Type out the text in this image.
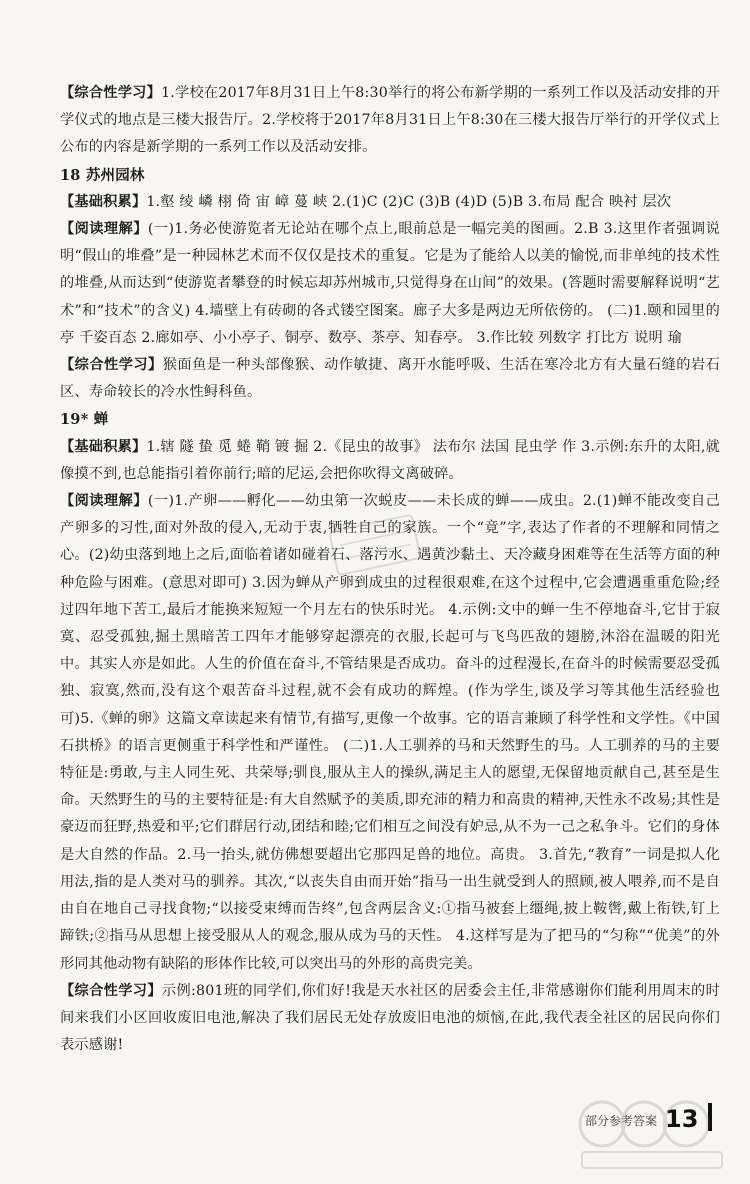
【综合性学习】1.学校在2017年8月31日上午8:30举行的将公布新学期的一系列工作以及活动安排的开学仪式的地点是三楼大报告厅。2.学校将于2017年8月31日上午8:30在三楼大报告厅举行的开学仪式上公布的内容是新学期的一系列工作以及活动安排。

18 苏州园林

【基础积累】1.壑 绫 嶙 栩 倚 宙 嶂 蔓 峡 2.(1)C (2)C (3)B (4)D (5)B 3.布局 配合 映衬 层次

【阅读理解】(一)1.务必使游览者无论站在哪个点上,眼前总是一幅完美的图画。2.B 3.这里作者强调说明“假山的堆叠”是一种园林艺术而不仅仅是技术的重复。它是为了能给人以美的愉悦,而非单纯的技术性的堆叠,从而达到“使游览者攀登的时候忘却苏州城市,只觉得身在山间”的效果。(答题时需要解释说明“艺术”和“技术”的含义) 4.墙壁上有砖砌的各式镂空图案。廊子大多是两边无所依傍的。 (二)1.颐和园里的亭 千姿百态 2.廊如亭、小小亭子、铜亭、数亭、茶亭、知春亭。 3.作比较 列数字 打比方 说明 瑜

【综合性学习】猴面鱼是一种头部像猴、动作敏捷、离开水能呼吸、生活在寒冷北方有大量石缝的岩石区、寿命较长的冷水性鲟科鱼。

19* 蝉

【基础积累】1.辖 隧 蛰 觅 蜷 鞘 镀 掘 2.《昆虫的故事》 法布尔 法国 昆虫学 作 3.示例:东升的太阳,就像摸不到,也总能指引着你前行;暗的尼运,会把你吹得文离破碎。

【阅读理解】(一)1.产卵——孵化——幼虫第一次蜕皮——未长成的蝉——成虫。2.(1)蝉不能改变自己产卵多的习性,面对外敌的侵入,无动于衷,牺牲自己的家族。一个“竟”字,表达了作者的不理解和同情之心。(2)幼虫落到地上之后,面临着诸如碰着石、落污水、遇黄沙黏土、天冷藏身困难等在生活等方面的种种危险与困难。(意思对即可) 3.因为蝉从产卵到成虫的过程很艰难,在这个过程中,它会遭遇重重危险;经过四年地下苦工,最后才能换来短短一个月左右的快乐时光。 4.示例:文中的蝉一生不停地奋斗,它甘于寂寞、忍受孤独,掘土黑暗苦工四年才能够穿起漂亮的衣服,长起可与飞鸟匹敌的翅膀,沐浴在温暖的阳光中。其实人亦是如此。人生的价值在奋斗,不管结果是否成功。奋斗的过程漫长,在奋斗的时候需要忍受孤独、寂寞,然而,没有这个艰苦奋斗过程,就不会有成功的辉煌。(作为学生,谈及学习等其他生活经验也可)5.《蝉的卵》这篇文章读起来有情节,有描写,更像一个故事。它的语言兼顾了科学性和文学性。《中国石拱桥》的语言更侧重于科学性和严谨性。 (二)1.人工驯养的马和天然野生的马。人工驯养的马的主要特征是:勇敢,与主人同生死、共荣辱;驯良,服从主人的操纵,满足主人的愿望,无保留地贡献自己,甚至是生命。天然野生的马的主要特征是:有大自然赋予的美质,即充沛的精力和高贵的精神,天性永不改易;其性是豪迈而狂野,热爱和平;它们群居行动,团结和睦;它们相互之间没有妒忌,从不为一己之私争斗。它们的身体是大自然的作品。2.马一抬头,就仿佛想要超出它那四足兽的地位。高贵。 3.首先,“教育”一词是拟人化用法,指的是人类对马的驯养。其次,“以丧失自由而开始”指马一出生就受到人的照顾,被人喂养,而不是自由自在地自己寻找食物;“以接受束缚而告终”,包含两层含义:①指马被套上缰绳,披上鞍辔,戴上衔铁,钉上蹄铁;②指马从思想上接受服从人的观念,服从成为马的天性。 4.这样写是为了把马的“匀称”“优美”的外形同其他动物有缺陷的形体作比较,可以突出马的外形的高贵完美。

【综合性学习】示例:801班的同学们,你们好!我是天水社区的居委会主任,非常感谢你们能利用周末的时间来我们小区回收废旧电池,解决了我们居民无处存放废旧电池的烦恼,在此,我代表全社区的居民向你们表示感谢!

部分参考答案 13
